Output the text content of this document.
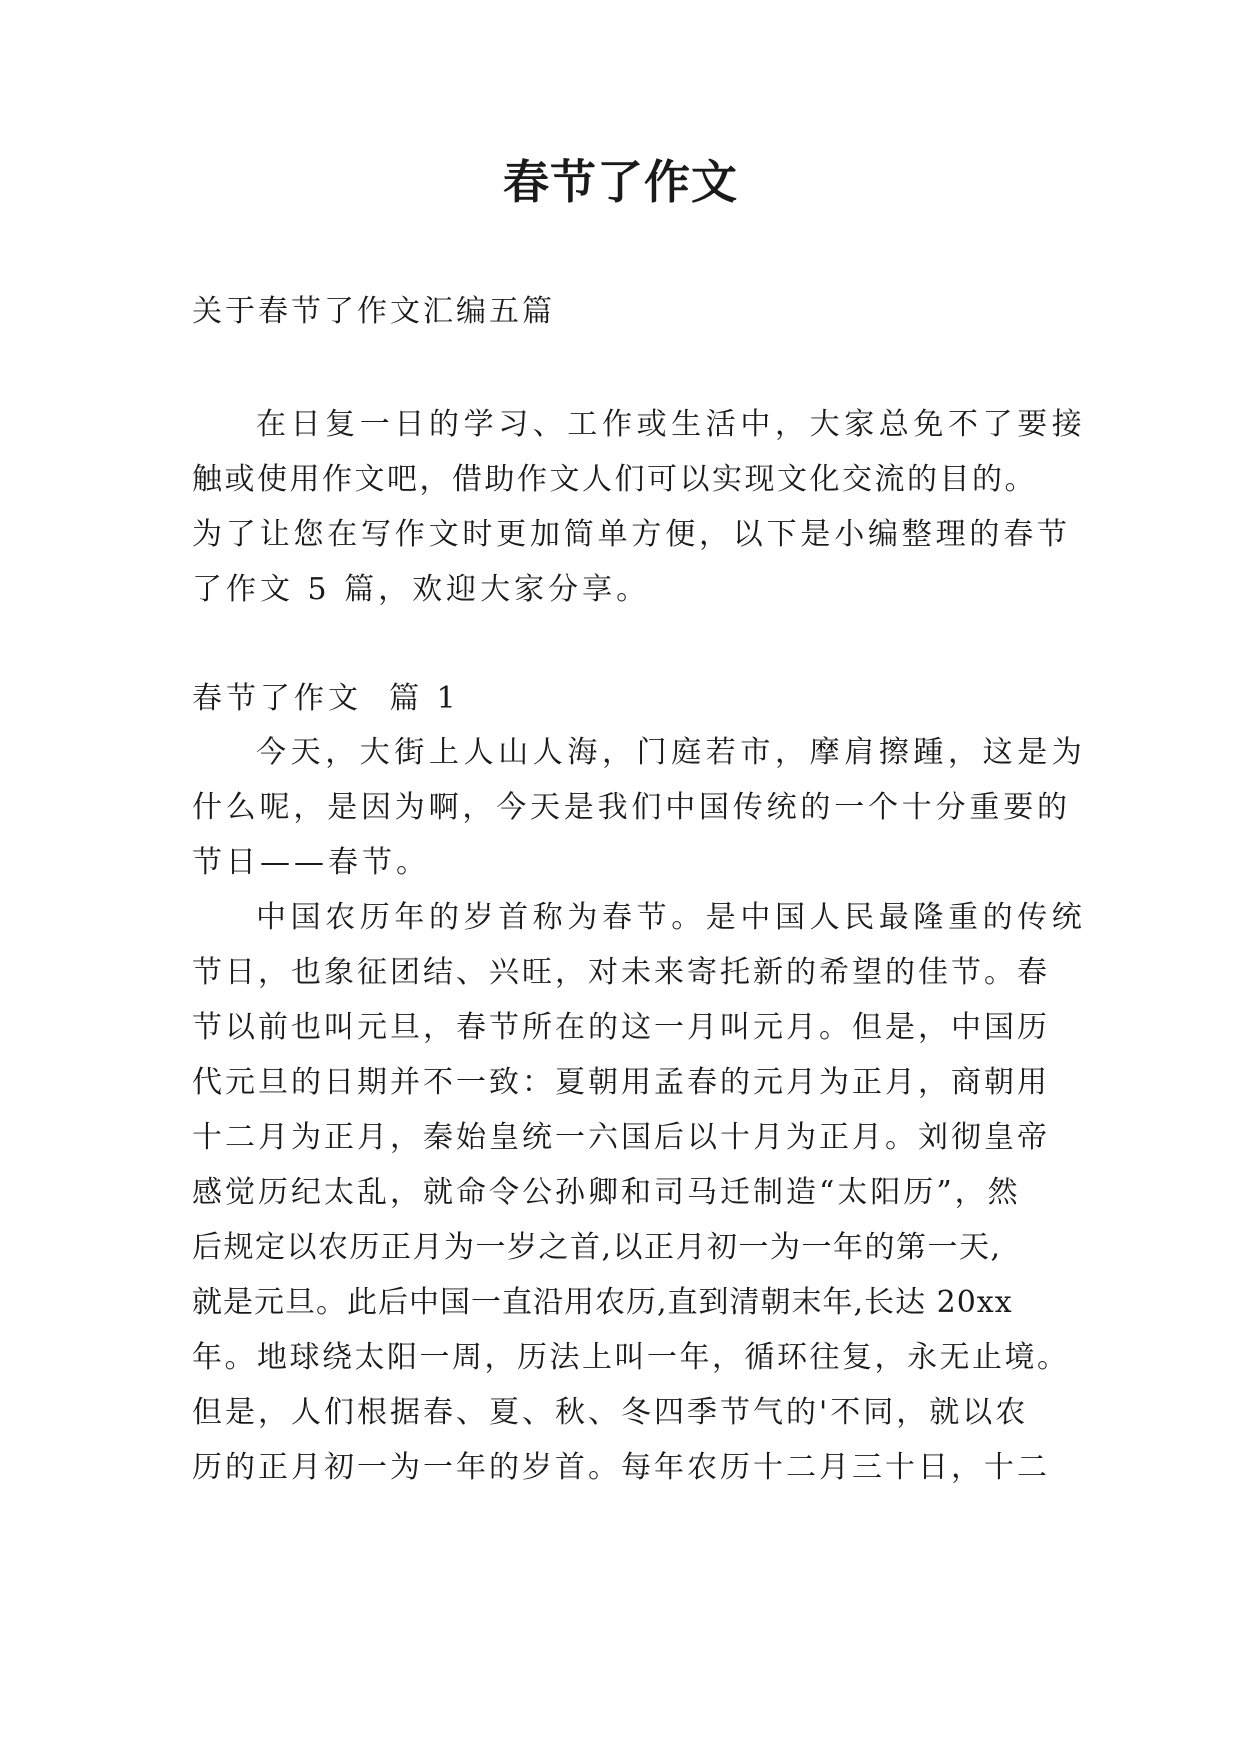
春节了作文
关于春节了作文汇编五篇
在日复一日的学习、工作或生活中，大家总免不了要接
触或使用作文吧，借助作文人们可以实现文化交流的目的。
为了让您在写作文时更加简单方便，以下是小编整理的春节
了作文 5 篇，欢迎大家分享。
春节了作文  篇 1
今天，大街上人山人海，门庭若市，摩肩擦踵，这是为
什么呢，是因为啊，今天是我们中国传统的一个十分重要的
节日——春节。
中国农历年的岁首称为春节。是中国人民最隆重的传统
节日，也象征团结、兴旺，对未来寄托新的希望的佳节。春
节以前也叫元旦，春节所在的这一月叫元月。但是，中国历
代元旦的日期并不一致：夏朝用孟春的元月为正月，商朝用
十二月为正月，秦始皇统一六国后以十月为正月。刘彻皇帝
感觉历纪太乱，就命令公孙卿和司马迁制造“太阳历”，然
后规定以农历正月为一岁之首,以正月初一为一年的第一天,
就是元旦。此后中国一直沿用农历,直到清朝末年,长达 20xx
年。地球绕太阳一周，历法上叫一年，循环往复，永无止境。
但是，人们根据春、夏、秋、冬四季节气的'不同，就以农
历的正月初一为一年的岁首。每年农历十二月三十日，十二
